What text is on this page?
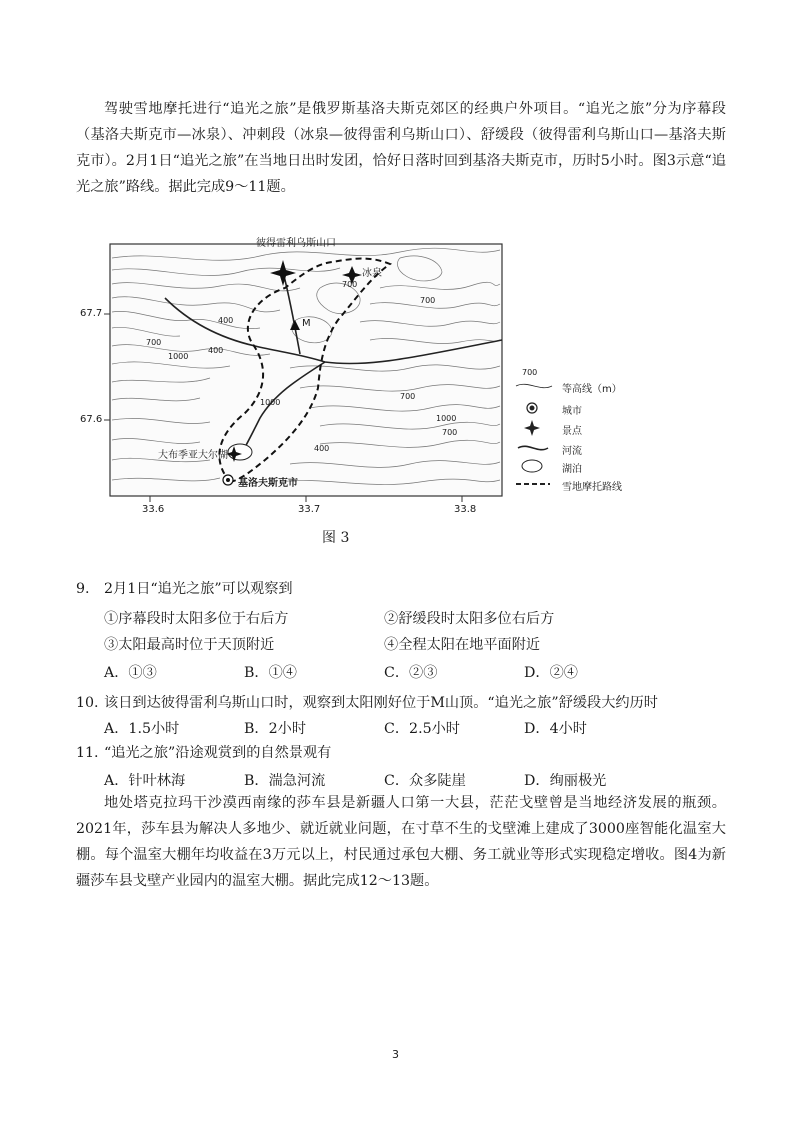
驾驶雪地摩托进行“追光之旅”是俄罗斯基洛夫斯克郊区的经典户外项目。“追光之旅”分为序幕段（基洛夫斯克市—冰泉）、冲刺段（冰泉—彼得雷利乌斯山口）、舒缓段（彼得雷利乌斯山口—基洛夫斯克市）。2月1日“追光之旅”在当地日出时发团，恰好日落时回到基洛夫斯克市，历时5小时。图3示意“追光之旅”路线。据此完成9～11题。

彼得雷利乌斯山口
冰泉
大布季亚大尔湖
基洛夫斯克市
M
67.7
67.6
33.6	33.7	33.8
700
700
700
700
700
400
400
400
1000
1000
1000
700
等高线（m）
城市
景点
河流
湖泊
雪地摩托路线
图 3
9. 2月1日“追光之旅”可以观察到
①序幕段时太阳多位于右后方	②舒缓段时太阳多位右后方
③太阳最高时位于天顶附近	④全程太阳在地平面附近
A．①③	B．①④	C．②③	D．②④
10. 该日到达彼得雷利乌斯山口时，观察到太阳刚好位于M山顶。“追光之旅”舒缓段大约历时
A．1.5小时	B．2小时	C．2.5小时	D．4小时
11. “追光之旅”沿途观赏到的自然景观有
A．针叶林海	B．湍急河流	C．众多陡崖	D．绚丽极光

地处塔克拉玛干沙漠西南缘的莎车县是新疆人口第一大县，茫茫戈壁曾是当地经济发展的瓶颈。2021年，莎车县为解决人多地少、就近就业问题，在寸草不生的戈壁滩上建成了3000座智能化温室大棚。每个温室大棚年均收益在3万元以上，村民通过承包大棚、务工就业等形式实现稳定增收。图4为新疆莎车县戈壁产业园内的温室大棚。据此完成12～13题。

3
